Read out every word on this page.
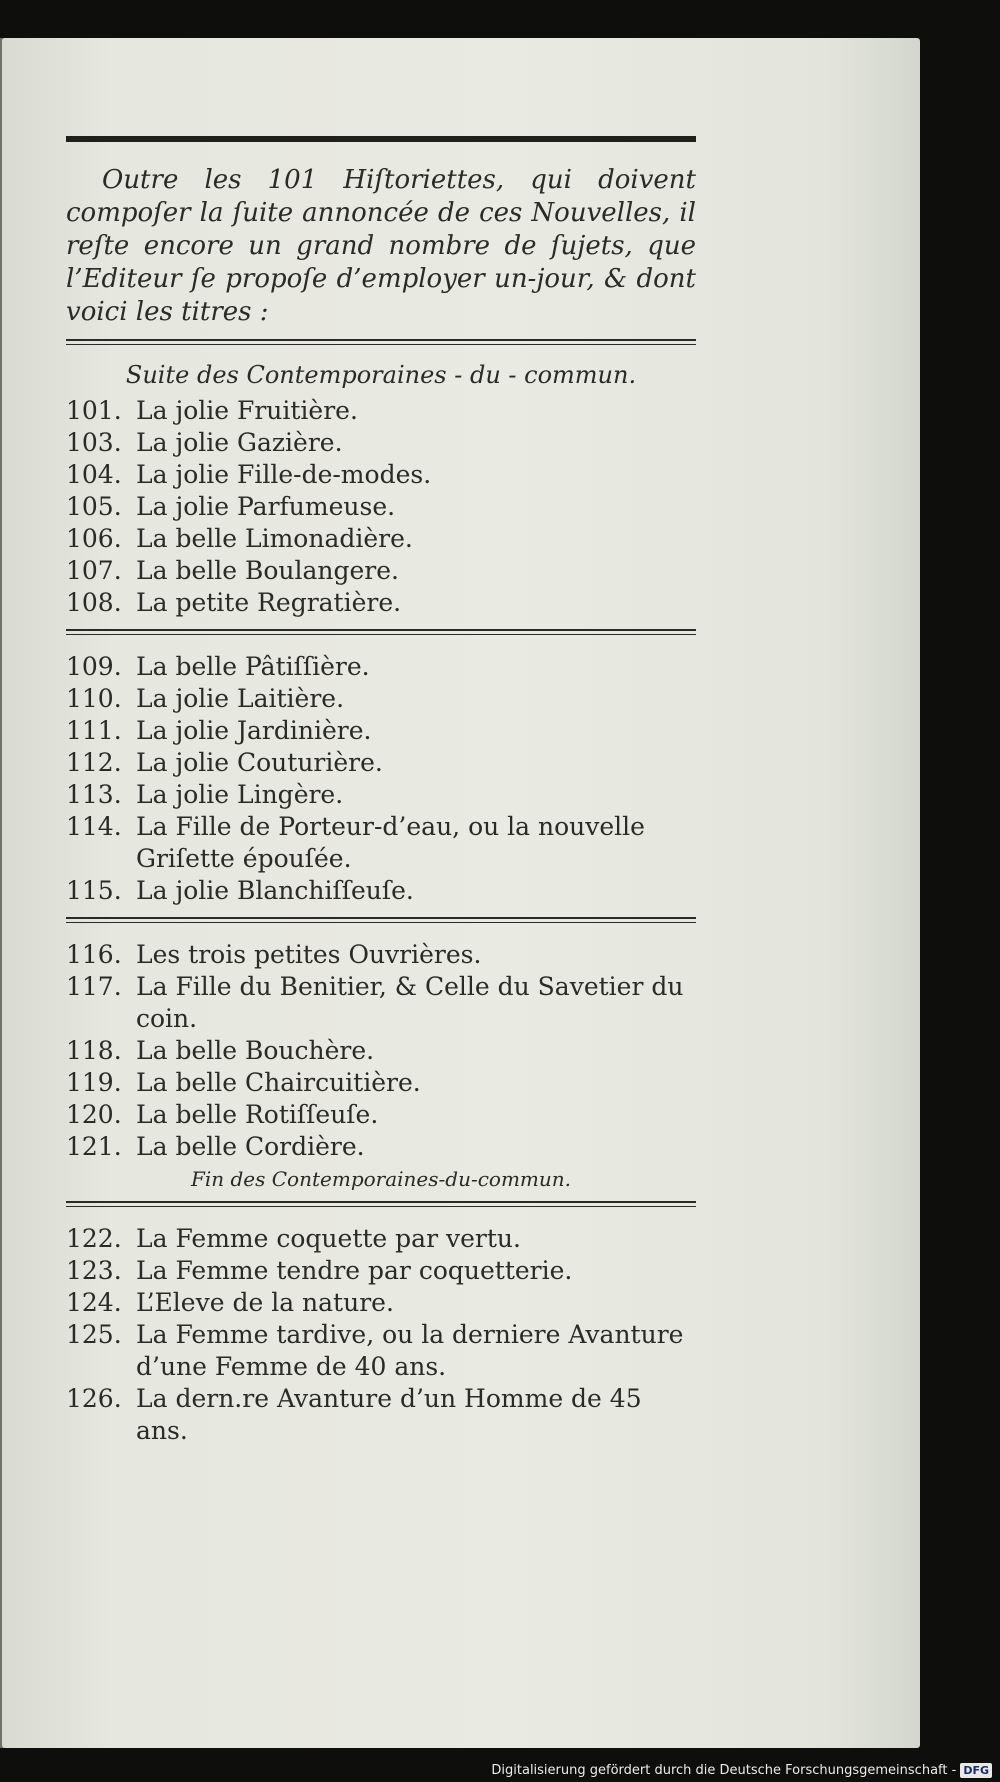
Outre les 101 Hiſtoriettes, qui doivent compoſer la ſuite annoncée de ces Nouvelles, il reſte encore un grand nombre de ſujets, que l’Editeur ſe propoſe d’employer un-jour, & dont voici les titres :

Suite des Contemporaines - du - commun.
101. La jolie Fruitière.
103. La jolie Gazière.
104. La jolie Fille-de-modes.
105. La jolie Parfumeuse.
106. La belle Limonadière.
107. La belle Boulangere.
108. La petite Regratière.
109. La belle Pâtiſſière.
110. La jolie Laitière.
111. La jolie Jardinière.
112. La jolie Couturière.
113. La jolie Lingère.
114. La Fille de Porteur-d’eau, ou la nouvelle Griſette épouſée.
115. La jolie Blanchiſſeuſe.
116. Les trois petites Ouvrières.
117. La Fille du Benitier, & Celle du Savetier du coin.
118. La belle Bouchère.
119. La belle Chaircuitière.
120. La belle Rotiſſeuſe.
121. La belle Cordière.
Fin des Contemporaines-du-commun.
122. La Femme coquette par vertu.
123. La Femme tendre par coquetterie.
124. L’Eleve de la nature.
125. La Femme tardive, ou la derniere Avanture d’une Femme de 40 ans.
126. La dern.re Avanture d’un Homme de 45 ans.
Digitalisierung gefördert durch die Deutsche Forschungsgemeinschaft - DFG
